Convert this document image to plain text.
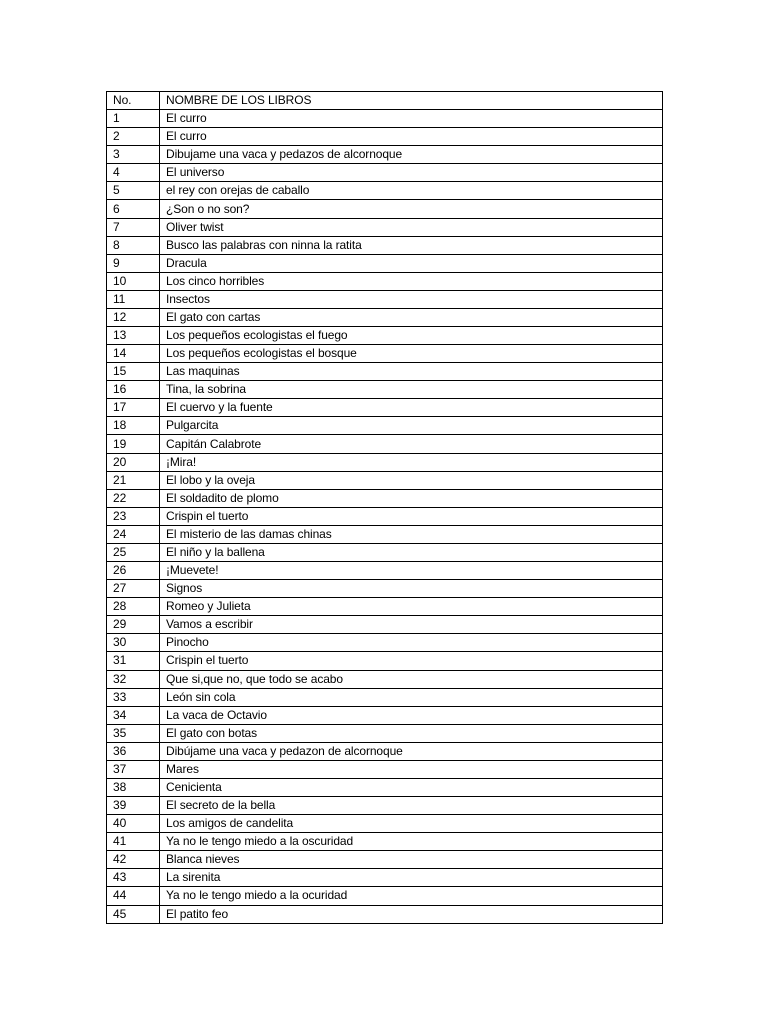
No.	NOMBRE DE LOS LIBROS
1	El curro
2	El curro
3	Dibujame una vaca y pedazos de alcornoque
4	El universo
5	el rey con orejas de caballo
6	¿Son o no son?
7	Oliver twist
8	Busco las palabras con ninna la ratita
9	Dracula
10	Los cinco horribles
11	Insectos
12	El gato con cartas
13	Los pequeños ecologistas el fuego
14	Los pequeños ecologistas el bosque
15	Las maquinas
16	Tina, la sobrina
17	El cuervo y la fuente
18	Pulgarcita
19	Capitán Calabrote
20	¡Mira!
21	El lobo y la oveja
22	El soldadito de plomo
23	Crispin el tuerto
24	El misterio de las damas chinas
25	El niño y la ballena
26	¡Muevete!
27	Signos
28	Romeo y Julieta
29	Vamos a escribir
30	Pinocho
31	Crispin el tuerto
32	Que si,que no, que todo se acabo
33	León sin cola
34	La vaca de Octavio
35	El gato con botas
36	Dibújame una vaca y pedazon de alcornoque
37	Mares
38	Cenicienta
39	El secreto de la bella
40	Los amigos de candelita
41	Ya no le tengo miedo a la oscuridad
42	Blanca nieves
43	La sirenita
44	Ya no le tengo miedo a la ocuridad
45	El patito feo
